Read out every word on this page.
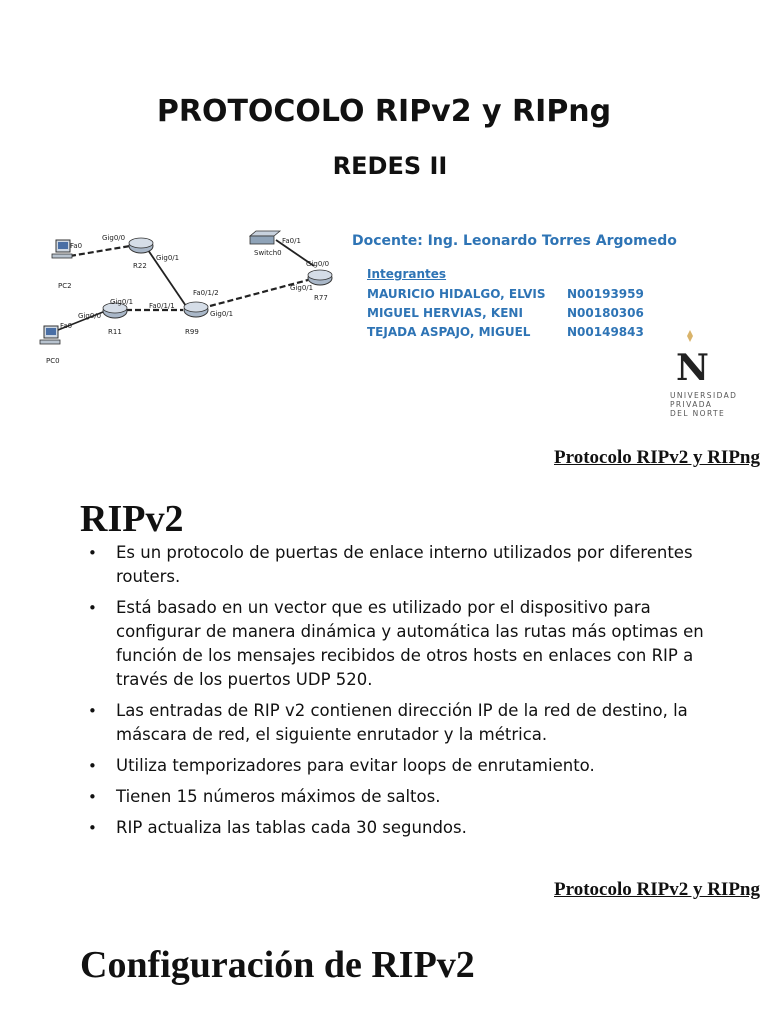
PROTOCOLO RIPv2 y RIPng
REDES II
PC2
PC0
R22
R11	R99
R77
Switch0
Fa0
Gig0/0
Gig0/1
Fa0
Gig0/0
Gig0/1
Fa0/1/2
Fa0/1/1
Gig0/1
Fa0/1
Gig0/1
Gig0/0
Docente: Ing. Leonardo Torres Argomedo
Integrantes
MAURICIO HIDALGO, ELVIS N00193959
MIGUEL HERVIAS, KENI	N00180306
TEJADA ASPAJO, MIGUEL	N00149843
N
UNIVERSIDAD
PRIVADA
DEL NORTE
Protocolo RIPv2 y RIPng
RIPv2
• Es un protocolo de puertas de enlace interno utilizados por diferentes routers.
• Está basado en un vector que es utilizado por el dispositivo para configurar de manera dinámica y automática las rutas más optimas en función de los mensajes recibidos de otros hosts en enlaces con RIP a través de los puertos UDP 520.
• Las entradas de RIP v2 contienen dirección IP de la red de destino, la máscara de red, el siguiente enrutador y la métrica.
• Utiliza temporizadores para evitar loops de enrutamiento.
• Tienen 15 números máximos de saltos.
• RIP actualiza las tablas cada 30 segundos.
Protocolo RIPv2 y RIPng
Configuración de RIPv2
